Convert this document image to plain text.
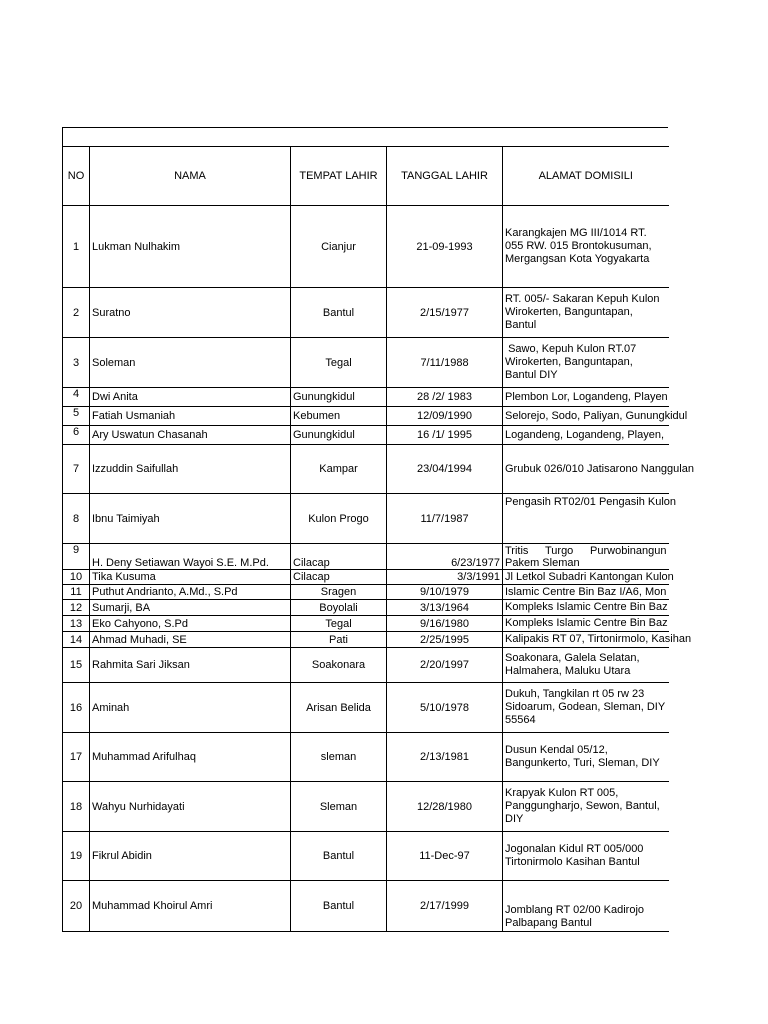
NO	NAMA	TEMPAT LAHIR	TANGGAL LAHIR	ALAMAT DOMISILI
1	Lukman Nulhakim	Cianjur	21-09-1993	Karangkajen MG III/1014 RT. 055 RW. 015 Brontokusuman, Mergangsan Kota Yogyakarta
2	Suratno	Bantul	2/15/1977	RT. 005/- Sakaran Kepuh Kulon Wirokerten, Banguntapan, Bantul
3	Soleman	Tegal	7/11/1988	Sawo, Kepuh Kulon RT.07 Wirokerten, Banguntapan, Bantul DIY
4	Dwi Anita	Gunungkidul	28 /2/ 1983	Plembon Lor, Logandeng, Playen
5	Fatiah Usmaniah	Kebumen	12/09/1990	Selorejo, Sodo, Paliyan, Gunungkidul
6	Ary Uswatun Chasanah	Gunungkidul	16 /1/ 1995	Logandeng, Logandeng, Playen,
7	Izzuddin Saifullah	Kampar	23/04/1994	Grubuk 026/010 Jatisarono Nanggulan
8	Ibnu Taimiyah	Kulon Progo	11/7/1987	Pengasih RT02/01 Pengasih Kulon
9	H. Deny Setiawan Wayoi S.E. M.Pd.	Cilacap	6/23/1977	Tritis Turgo Purwobinangun Pakem Sleman
10	Tika Kusuma	Cilacap	3/3/1991	Jl Letkol Subadri Kantongan Kulon
11	Puthut Andrianto, A.Md., S.Pd	Sragen	9/10/1979	Islamic Centre Bin Baz I/A6, Mon
12	Sumarji, BA	Boyolali	3/13/1964	Kompleks Islamic Centre Bin Baz
13	Eko Cahyono, S.Pd	Tegal	9/16/1980	Kompleks Islamic Centre Bin Baz
14	Ahmad Muhadi, SE	Pati	2/25/1995	Kalipakis RT 07, Tirtonirmolo, Kasihan
15	Rahmita Sari Jiksan	Soakonara	2/20/1997	Soakonara, Galela Selatan, Halmahera, Maluku Utara
16	Aminah	Arisan Belida	5/10/1978	Dukuh, Tangkilan rt 05 rw 23 Sidoarum, Godean, Sleman, DIY 55564
17	Muhammad Arifulhaq	sleman	2/13/1981	Dusun Kendal 05/12, Bangunkerto, Turi, Sleman, DIY
18	Wahyu Nurhidayati	Sleman	12/28/1980	Krapyak Kulon RT 005, Panggungharjo, Sewon, Bantul, DIY
19	Fikrul Abidin	Bantul	11-Dec-97	Jogonalan Kidul RT 005/000 Tirtonirmolo Kasihan Bantul
20	Muhammad Khoirul Amri	Bantul	2/17/1999	Jomblang RT 02/00 Kadirojo Palbapang Bantul
